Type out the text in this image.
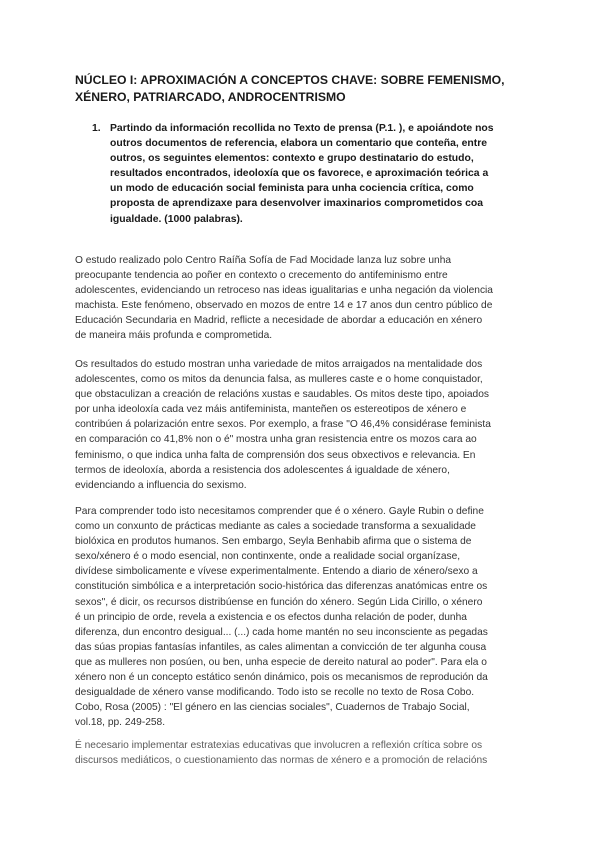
NÚCLEO I: APROXIMACIÓN A CONCEPTOS CHAVE: SOBRE FEMENISMO,
XÉNERO, PATRIARCADO, ANDROCENTRISMO
1. Partindo da información recollida no Texto de prensa (P.1. ), e apoiándote nos
outros documentos de referencia, elabora un comentario que conteña, entre
outros, os seguintes elementos: contexto e grupo destinatario do estudo,
resultados encontrados, ideoloxía que os favorece, e aproximación teórica a
un modo de educación social feminista para unha cociencia crítica, como
proposta de aprendizaxe para desenvolver imaxinarios comprometidos coa
igualdade. (1000 palabras).
O estudo realizado polo Centro Raíña Sofía de Fad Mocidade lanza luz sobre unha
preocupante tendencia ao poñer en contexto o crecemento do antifeminismo entre
adolescentes, evidenciando un retroceso nas ideas igualitarias e unha negación da violencia
machista. Este fenómeno, observado en mozos de entre 14 e 17 anos dun centro público de
Educación Secundaria en Madrid, reflicte a necesidade de abordar a educación en xénero
de maneira máis profunda e comprometida.
Os resultados do estudo mostran unha variedade de mitos arraigados na mentalidade dos
adolescentes, como os mitos da denuncia falsa, as mulleres caste e o home conquistador,
que obstaculizan a creación de relacións xustas e saudables. Os mitos deste tipo, apoiados
por unha ideoloxía cada vez máis antifeminista, manteñen os estereotipos de xénero e
contribúen á polarización entre sexos. Por exemplo, a frase "O 46,4% considérase feminista
en comparación co 41,8% non o é" mostra unha gran resistencia entre os mozos cara ao
feminismo, o que indica unha falta de comprensión dos seus obxectivos e relevancia. En
termos de ideoloxía, aborda a resistencia dos adolescentes á igualdade de xénero,
evidenciando a influencia do sexismo.
Para comprender todo isto necesitamos comprender que é o xénero. Gayle Rubin o define
como un conxunto de prácticas mediante as cales a sociedade transforma a sexualidade
biolóxica en produtos humanos. Sen embargo, Seyla Benhabib afirma que o sistema de
sexo/xénero é o modo esencial, non continxente, onde a realidade social organízase,
divídese simbolicamente e vívese experimentalmente. Entendo a diario de xénero/sexo a
constitución simbólica e a interpretación socio-histórica das diferenzas anatómicas entre os
sexos", é dicir, os recursos distribúense en función do xénero. Según Lida Cirillo, o xénero
é un principio de orde, revela a existencia e os efectos dunha relación de poder, dunha
diferenza, dun encontro desigual... (...) cada home mantén no seu inconsciente as pegadas
das súas propias fantasías infantiles, as cales alimentan a convicción de ter algunha cousa
que as mulleres non posúen, ou ben, unha especie de dereito natural ao poder". Para ela o
xénero non é un concepto estático senón dinámico, pois os mecanismos de reprodución da
desigualdade de xénero vanse modificando. Todo isto se recolle no texto de Rosa Cobo.
Cobo, Rosa (2005) : "El género en las ciencias sociales", Cuadernos de Trabajo Social,
vol.18, pp. 249-258.
É necesario implementar estratexias educativas que involucren a reflexión crítica sobre os
discursos mediáticos, o cuestionamiento das normas de xénero e a promoción de relacións
